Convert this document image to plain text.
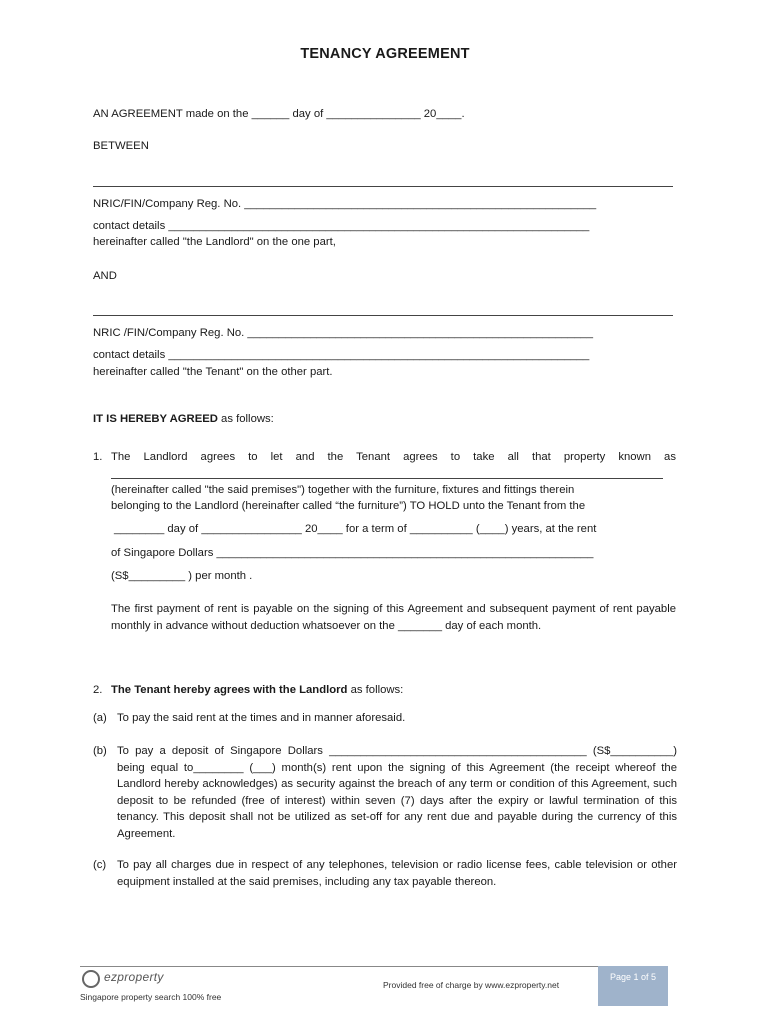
TENANCY AGREEMENT
AN AGREEMENT made on the ______ day of _______________ 20____.
BETWEEN
NRIC/FIN/Company Reg. No. ________________________________________________________
contact details ___________________________________________________________________
hereinafter called "the Landlord" on the one part,
AND
NRIC /FIN/Company Reg. No. _______________________________________________________
contact details ___________________________________________________________________
hereinafter called "the Tenant" on the other part.
IT IS HEREBY AGREED as follows:
1. The Landlord agrees to let and the Tenant agrees to take all that property known as
(hereinafter called "the said premises") together with the furniture, fixtures and fittings therein
belonging to the Landlord (hereinafter called “the furniture”) TO HOLD unto the Tenant from the
________ day of ________________ 20____ for a term of __________ (____) years, at the rent
of Singapore Dollars ____________________________________________________________
(S$_________ ) per month .
The first payment of rent is payable on the signing of this Agreement and subsequent payment of rent payable monthly in advance without deduction whatsoever on the _______ day of each month.
2. The Tenant hereby agrees with the Landlord as follows:
(a) To pay the said rent at the times and in manner aforesaid.
(b) To pay a deposit of Singapore Dollars _________________________________________ (S$__________) being equal to________ (___) month(s) rent upon the signing of this Agreement (the receipt whereof the Landlord hereby acknowledges) as security against the breach of any term or condition of this Agreement, such deposit to be refunded (free of interest) within seven (7) days after the expiry or lawful termination of this tenancy. This deposit shall not be utilized as set-off for any rent due and payable during the currency of this Agreement.
(c) To pay all charges due in respect of any telephones, television or radio license fees, cable television or other equipment installed at the said premises, including any tax payable thereon.
ezproperty
Singapore property search 100% free
Provided free of charge by www.ezproperty.net
Page 1 of 5
